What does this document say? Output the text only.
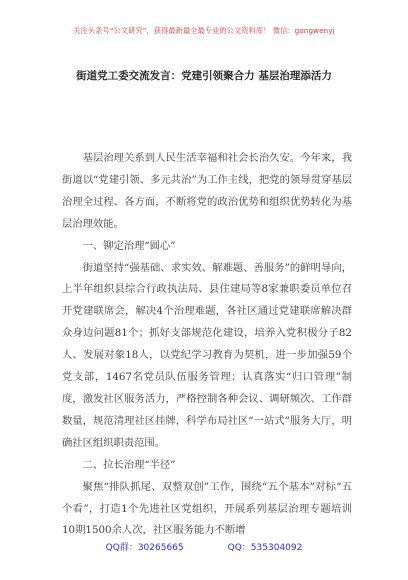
关注头条号“公文研究”，获得最新最全最专业的公文资料库！ 微信：gongwenyj
街道党工委交流发言：党建引领聚合力 基层治理添活力

基层治理关系到人民生活幸福和社会长治久安。今年来，我街道以“党建引领、多元共治”为工作主线，把党的领导贯穿基层治理全过程、各方面，不断将党的政治优势和组织优势转化为基层治理效能。

一、铆定治理“圆心”

街道坚持“强基础、求实效、解难题、善服务”的鲜明导向，上半年组织县综合行政执法局、县住建局等8家兼职委员单位召开党建联席会，解决4个治理难题，各社区通过党建联席解决群众身边问题81个；抓好支部规范化建设，培养入党积极分子82人、发展对象18人，以党纪学习教育为契机，进一步加强59个党支部，1467名党员队伍服务管理；认真落实“归口管理”制度，激发社区服务活力，严格控制各种会议、调研频次、工作群数量，规范清理社区挂牌，科学布局社区“一站式”服务大厅，明确社区组织职责范围。

二、拉长治理“半径”

聚焦“排队抓尾、双整双创”工作，围绕“五个基本”对标“五个看”，打造1个先进社区党组织，开展系列基层治理专题培训10期1500余人次，社区服务能力不断增

QQ群：30265665	QQ：535304092
